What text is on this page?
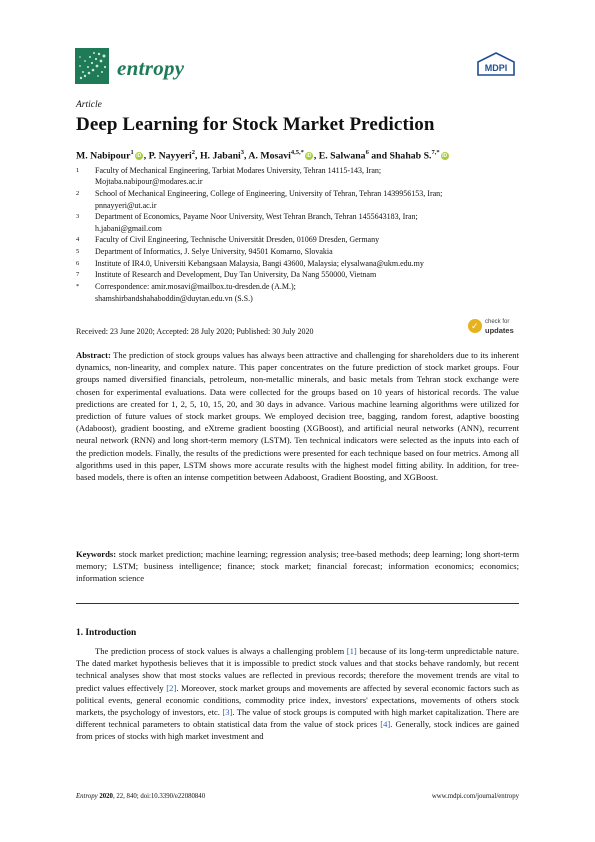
entropy	MDPI
Article
Deep Learning for Stock Market Prediction
M. Nabipour$^1$iD , P. Nayyeri$^2$, H. Jabani$^3$, A. Mosavi$^{4,5,*}$iD , E. Salwana$^6$ and Shahab S.$^{7,*}$iD
1 Faculty of Mechanical Engineering, Tarbiat Modares University, Tehran 14115-143, Iran;
Mojtaba.nabipour@modares.ac.ir
2 School of Mechanical Engineering, College of Engineering, University of Tehran, Tehran 1439956153, Iran;
pnnayyeri@ut.ac.ir
3 Department of Economics, Payame Noor University, West Tehran Branch, Tehran 1455643183, Iran;
h.jabani@gmail.com
4 Faculty of Civil Engineering, Technische Universität Dresden, 01069 Dresden, Germany
5 Department of Informatics, J. Selye University, 94501 Komarno, Slovakia
6 Institute of IR4.0, Universiti Kebangsaan Malaysia, Bangi 43600, Malaysia; elysalwana@ukm.edu.my
7 Institute of Research and Development, Duy Tan University, Da Nang 550000, Vietnam
* Correspondence: amir.mosavi@mailbox.tu-dresden.de (A.M.);
shamshirbandshahaboddin@duytan.edu.vn (S.S.)
Received: 23 June 2020; Accepted: 28 July 2020; Published: 30 July 2020	✓ check for
updates
Abstract: The prediction of stock groups values has always been attractive and challenging for shareholders due to its inherent dynamics, non-linearity, and complex nature. This paper concentrates on the future prediction of stock market groups. Four groups named diversified financials, petroleum, non-metallic minerals, and basic metals from Tehran stock exchange were chosen for experimental evaluations. Data were collected for the groups based on 10 years of historical records. The value predictions are created for 1, 2, 5, 10, 15, 20, and 30 days in advance. Various machine learning algorithms were utilized for prediction of future values of stock market groups. We employed decision tree, bagging, random forest, adaptive boosting (Adaboost), gradient boosting, and eXtreme gradient boosting (XGBoost), and artificial neural networks (ANN), recurrent neural network (RNN) and long short-term memory (LSTM). Ten technical indicators were selected as the inputs into each of the prediction models. Finally, the results of the predictions were presented for each technique based on four metrics. Among all algorithms used in this paper, LSTM shows more accurate results with the highest model fitting ability. In addition, for tree-based models, there is often an intense competition between Adaboost, Gradient Boosting, and XGBoost.
Keywords: stock market prediction; machine learning; regression analysis; tree-based methods; deep learning; long short-term memory; LSTM; business intelligence; finance; stock market; financial forecast; information economics; economics; information science
1. Introduction
The prediction process of stock values is always a challenging problem [1] because of its long-term unpredictable nature. The dated market hypothesis believes that it is impossible to predict stock values and that stocks behave randomly, but recent technical analyses show that most stocks values are reflected in previous records; therefore the movement trends are vital to predict values effectively [2]. Moreover, stock market groups and movements are affected by several economic factors such as political events, general economic conditions, commodity price index, investors' expectations, movements of others stock markets, the psychology of investors, etc. [3]. The value of stock groups is computed with high market capitalization. There are different technical parameters to obtain statistical data from the value of stock prices [4]. Generally, stock indices are gained from prices of stocks with high market investment and
Entropy 2020, 22, 840; doi:10.3390/e22080840	www.mdpi.com/journal/entropy
